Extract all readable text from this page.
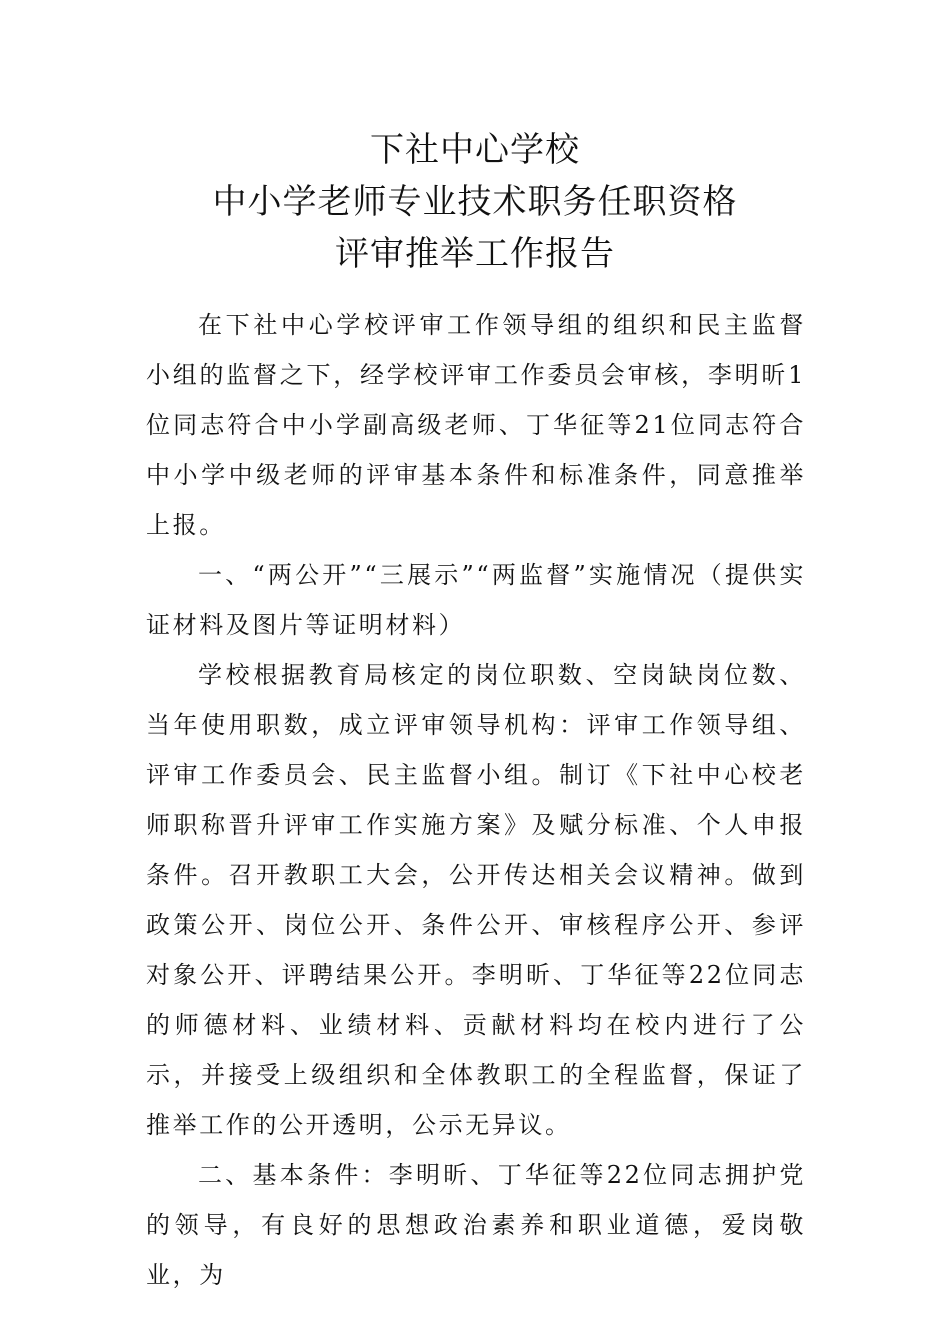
下社中心学校
中小学老师专业技术职务任职资格
评审推举工作报告

在下社中心学校评审工作领导组的组织和民主监督小组的监督之下，经学校评审工作委员会审核，李明昕1位同志符合中小学副高级老师、丁华征等21位同志符合中小学中级老师的评审基本条件和标准条件，同意推举上报。

一、“两公开”“三展示”“两监督”实施情况（提供实证材料及图片等证明材料）

学校根据教育局核定的岗位职数、空岗缺岗位数、当年使用职数，成立评审领导机构：评审工作领导组、评审工作委员会、民主监督小组。制订《下社中心校老师职称晋升评审工作实施方案》及赋分标准、个人申报条件。召开教职工大会，公开传达相关会议精神。做到政策公开、岗位公开、条件公开、审核程序公开、参评对象公开、评聘结果公开。李明昕、丁华征等22位同志的师德材料、业绩材料、贡献材料均在校内进行了公示，并接受上级组织和全体教职工的全程监督，保证了推举工作的公开透明，公示无异议。

二、基本条件：李明昕、丁华征等22位同志拥护党的领导，有良好的思想政治素养和职业道德，爱岗敬业，为
